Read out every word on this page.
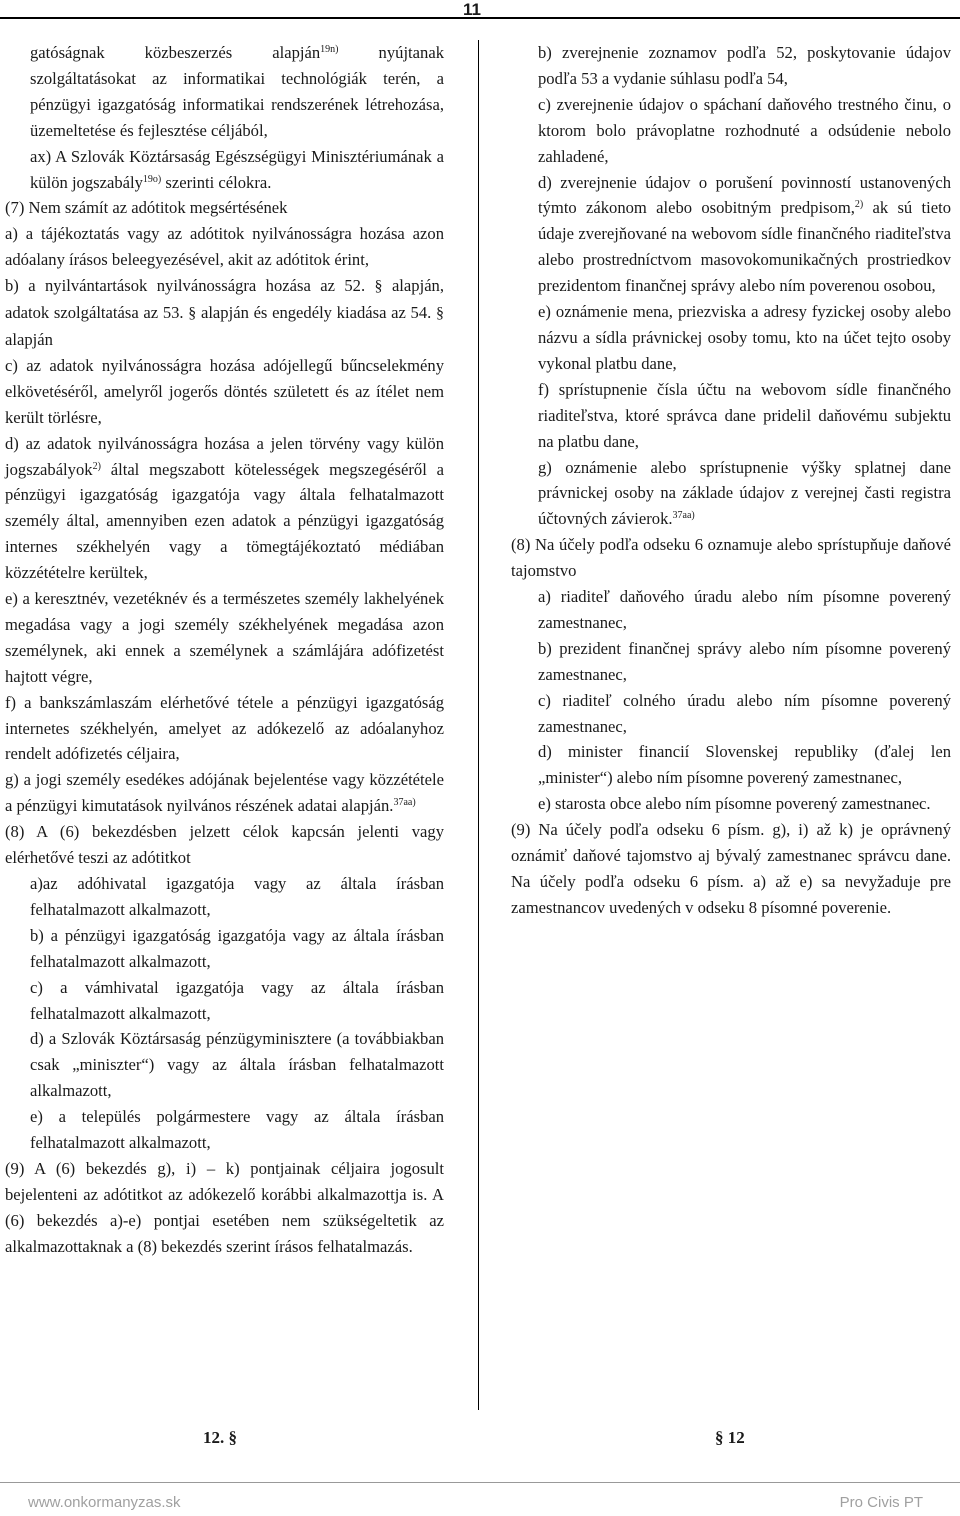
11

gatóságnak közbeszerzés alapján$^{19n)}$ nyújtanak szolgáltatásokat az informatikai technológiák terén, a pénzügyi igazgatóság informatikai rendszerének létrehozása, üzemeltetése és fejlesztése céljából,

ax) A Szlovák Köztársaság Egészségügyi Minisztériumának a külön jogszabály$^{19o)}$ szerinti célokra.

(7) Nem számít az adótitok megsértésének

a) a tájékoztatás vagy az adótitok nyilvánosságra hozása azon adóalany írásos beleegyezésével, akit az adótitok érint,

b) a nyilvántartások nyilvánosságra hozása az 52. § alapján, adatok szolgáltatása az 53. § alapján és engedély kiadása az 54. § alapján

c) az adatok nyilvánosságra hozása adójellegű bűncselekmény elkövetéséről, amelyről jogerős döntés született és az ítélet nem került törlésre,

d) az adatok nyilvánosságra hozása a jelen törvény vagy külön jogszabályok$^{2)}$ által megszabott kötelességek megszegéséről a pénzügyi igazgatóság igazgatója vagy általa felhatalmazott személy által, amennyiben ezen adatok a pénzügyi igazgatóság internes székhelyén vagy a tömegtájékoztató médiában közzétételre kerültek,

e) a keresztnév, vezetéknév és a természetes személy lakhelyének megadása vagy a jogi személy székhelyének megadása azon személynek, aki ennek a személynek a számlájára adófizetést hajtott végre,

f) a bankszámlaszám elérhetővé tétele a pénzügyi igazgatóság internetes székhelyén, amelyet az adókezelő az adóalanyhoz rendelt adófizetés céljaira,

g) a jogi személy esedékes adójának bejelentése vagy közzététele a pénzügyi kimutatások nyilvános részének adatai alapján.$^{37aa)}$

(8) A (6) bekezdésben jelzett célok kapcsán jelenti vagy elérhetővé teszi az adótitkot

a)az adóhivatal igazgatója vagy az általa írásban felhatalmazott alkalmazott,

b) a pénzügyi igazgatóság igazgatója vagy az általa írásban felhatalmazott alkalmazott,

c) a vámhivatal igazgatója vagy az általa írásban felhatalmazott alkalmazott,

d) a Szlovák Köztársaság pénzügyminisztere (a továbbiakban csak „miniszter“) vagy az általa írásban felhatalmazott alkalmazott,

e) a település polgármestere vagy az általa írásban felhatalmazott alkalmazott,

(9) A (6) bekezdés g), i) – k) pontjainak céljaira jogosult bejelenteni az adótitkot az adókezelő korábbi alkalmazottja is. A (6) bekezdés a)-e) pontjai esetében nem szükségeltetik az alkalmazottaknak a (8) bekezdés szerint írásos felhatalmazás.

b) zverejnenie zoznamov podľa 52, poskytovanie údajov podľa 53 a vydanie súhlasu podľa 54,

c) zverejnenie údajov o spáchaní daňového trestného činu, o ktorom bolo právoplatne rozhodnuté a odsúdenie nebolo zahladené,

d) zverejnenie údajov o porušení povinností ustanovených týmto zákonom alebo osobitným predpisom,$^{2)}$ ak sú tieto údaje zverejňované na webovom sídle finančného riaditeľstva alebo prostredníctvom masovokomunikačných prostriedkov prezidentom finančnej správy alebo ním poverenou osobou,

e) oznámenie mena, priezviska a adresy fyzickej osoby alebo názvu a sídla právnickej osoby tomu, kto na účet tejto osoby vykonal platbu dane,

f) sprístupnenie čísla účtu na webovom sídle finančného riaditeľstva, ktoré správca dane pridelil daňovému subjektu na platbu dane,

g) oznámenie alebo sprístupnenie výšky splatnej dane právnickej osoby na základe údajov z verejnej časti registra účtovných závierok.$^{37aa)}$

(8) Na účely podľa odseku 6 oznamuje alebo sprístupňuje daňové tajomstvo

a) riaditeľ daňového úradu alebo ním písomne poverený zamestnanec,

b) prezident finančnej správy alebo ním písomne poverený zamestnanec,

c) riaditeľ colného úradu alebo ním písomne poverený zamestnanec,

d) minister financií Slovenskej republiky (ďalej len „minister“) alebo ním písomne poverený zamestnanec,

e) starosta obce alebo ním písomne poverený zamestnanec.

(9) Na účely podľa odseku 6 písm. g), i) až k) je oprávnený oznámiť daňové tajomstvo aj bývalý zamestnanec správcu dane. Na účely podľa odseku 6 písm. a) až e) sa nevyžaduje pre zamestnancov uvedených v odseku 8 písomné poverenie.

12. §	§ 12
www.onkormanyzas.sk	Pro Civis PT
